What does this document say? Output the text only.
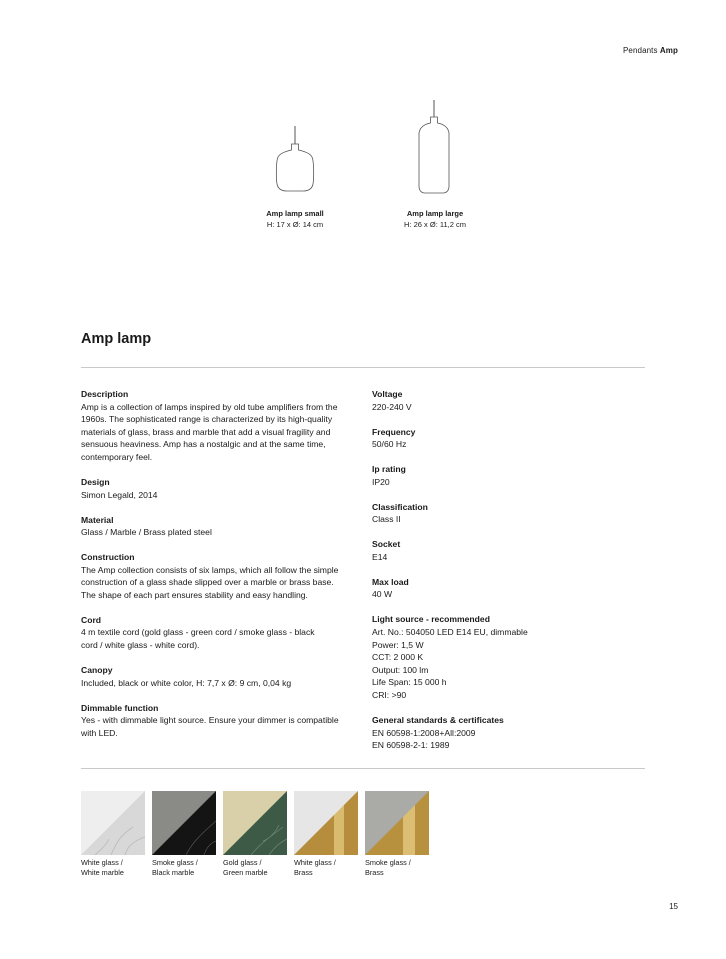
Pendants Amp
Amp lamp small
H: 17 x Ø: 14 cm
Amp lamp large
H: 26 x Ø: 11,2 cm
Amp lamp
Description
Amp is a collection of lamps inspired by old tube amplifiers from the
1960s. The sophisticated range is characterized by its high-quality
materials of glass, brass and marble that add a visual fragility and
sensuous heaviness. Amp has a nostalgic and at the same time,
contemporary feel.
Design
Simon Legald, 2014
Material
Glass / Marble / Brass plated steel
Construction
The Amp collection consists of six lamps, which all follow the simple
construction of a glass shade slipped over a marble or brass base.
The shape of each part ensures stability and easy handling.
Cord
4 m textile cord (gold glass - green cord / smoke glass - black
cord / white glass - white cord).
Canopy
Included, black or white color, H: 7,7 x Ø: 9 cm, 0,04 kg
Dimmable function
Yes - with dimmable light source. Ensure your dimmer is compatible
with LED.
Voltage
220-240 V
Frequency
50/60 Hz
Ip rating
IP20
Classification
Class II
Socket
E14
Max load
40 W
Light source - recommended
Art. No.: 504050 LED E14 EU, dimmable
Power: 1,5 W
CCT: 2 000 K
Output: 100 lm
Life Span: 15 000 h
CRI: >90
General standards & certificates
EN 60598-1:2008+All:2009
EN 60598-2-1: 1989
White glass /
White marble
Smoke glass /
Black marble
Gold glass /
Green marble
White glass /
Brass
Smoke glass /
Brass
15
